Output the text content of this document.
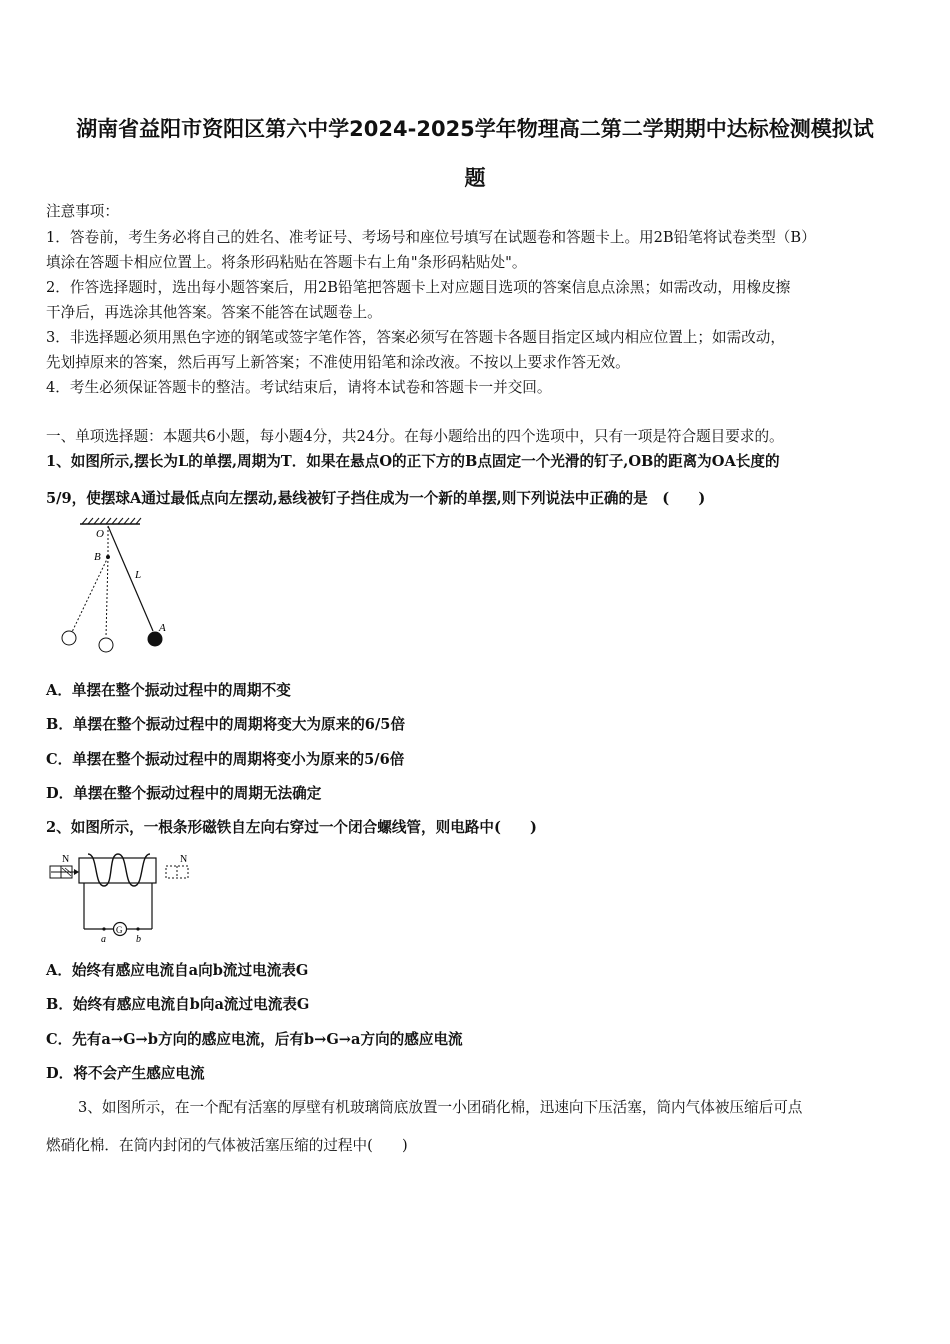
湖南省益阳市资阳区第六中学2024-2025学年物理高二第二学期期中达标检测模拟试
题
注意事项：
1．答卷前，考生务必将自己的姓名、准考证号、考场号和座位号填写在试题卷和答题卡上。用2B铅笔将试卷类型（B）
填涂在答题卡相应位置上。将条形码粘贴在答题卡右上角"条形码粘贴处"。
2．作答选择题时，选出每小题答案后，用2B铅笔把答题卡上对应题目选项的答案信息点涂黑；如需改动，用橡皮擦
干净后，再选涂其他答案。答案不能答在试题卷上。
3．非选择题必须用黑色字迹的钢笔或签字笔作答，答案必须写在答题卡各题目指定区域内相应位置上；如需改动，
先划掉原来的答案，然后再写上新答案；不准使用铅笔和涂改液。不按以上要求作答无效。
4．考生必须保证答题卡的整洁。考试结束后，请将本试卷和答题卡一并交回。
一、单项选择题：本题共6小题，每小题4分，共24分。在每小题给出的四个选项中，只有一项是符合题目要求的。
1、如图所示,摆长为L的单摆,周期为T．如果在悬点O的正下方的B点固定一个光滑的钉子,OB的距离为OA长度的
5/9，使摆球A通过最低点向左摆动,悬线被钉子挡住成为一个新的单摆,则下列说法中正确的是　(　　)
O
B
L
A
A．单摆在整个振动过程中的周期不变
B．单摆在整个振动过程中的周期将变大为原来的6/5倍
C．单摆在整个振动过程中的周期将变小为原来的5/6倍
D．单摆在整个振动过程中的周期无法确定
2、如图所示，一根条形磁铁自左向右穿过一个闭合螺线管，则电路中(　　)
N	N
G
a	b
A．始终有感应电流自a向b流过电流表G
B．始终有感应电流自b向a流过电流表G
C．先有a→G→b方向的感应电流，后有b→G→a方向的感应电流
D．将不会产生感应电流
3、如图所示，在一个配有活塞的厚壁有机玻璃筒底放置一小团硝化棉，迅速向下压活塞，筒内气体被压缩后可点
燃硝化棉．在筒内封闭的气体被活塞压缩的过程中(　　)
